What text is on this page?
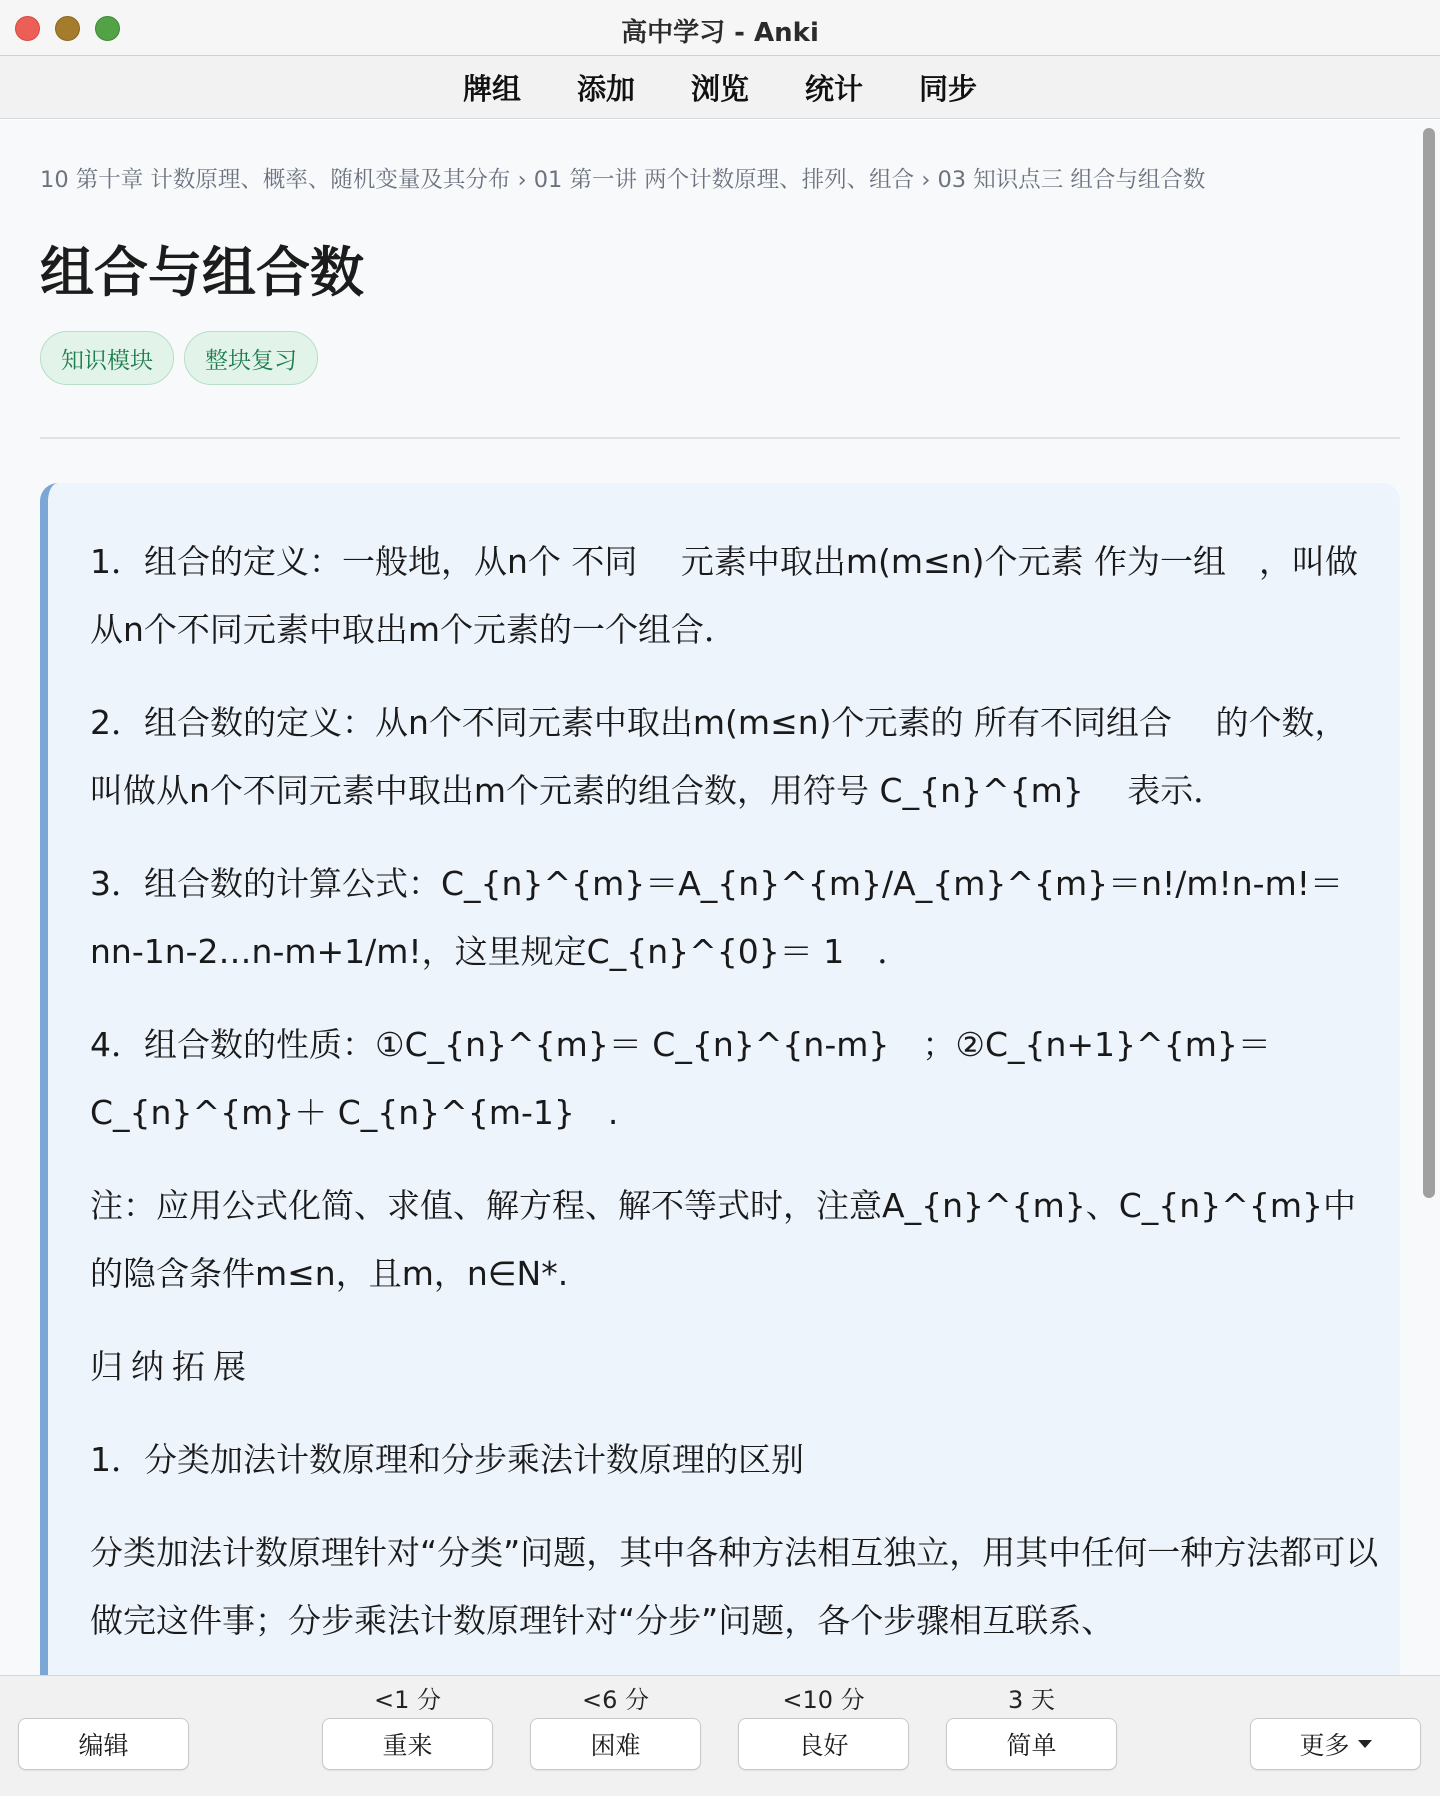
高中学习 - Anki
牌组 添加 浏览 统计 同步
10 第十章 计数原理、概率、随机变量及其分布 › 01 第一讲 两个计数原理、排列、组合 › 03 知识点三 组合与组合数
组合与组合数
知识模块	整块复习

1．组合的定义：一般地，从n个 不同　 元素中取出m(m≤n)个元素 作为一组　，叫做从n个不同元素中取出m个元素的一个组合．

2．组合数的定义：从n个不同元素中取出m(m≤n)个元素的 所有不同组合　 的个数，叫做从n个不同元素中取出m个元素的组合数，用符号 C_{n}^{m}　 表示．

3．组合数的计算公式：C_{n}^{m}＝A_{n}^{m}/A_{m}^{m}＝n!/m!n-m!＝nn-1n-2…n-m+1/m!，这里规定C_{n}^{0}＝ 1　．

4．组合数的性质：①C_{n}^{m}＝ C_{n}^{n-m}　；②C_{n+1}^{m}＝ C_{n}^{m}＋ C_{n}^{m-1}　.

注：应用公式化简、求值、解方程、解不等式时，注意A_{n}^{m}、C_{n}^{m}中的隐含条件m≤n，且m，n∈N*.

归纳拓展

1．分类加法计数原理和分步乘法计数原理的区别

分类加法计数原理针对“分类”问题，其中各种方法相互独立，用其中任何一种方法都可以做完这件事；分步乘法计数原理针对“分步”问题，各个步骤相互联系、

编辑
<1 分
重来
<6 分
困难
<10 分
良好
3 天
简单	更多
